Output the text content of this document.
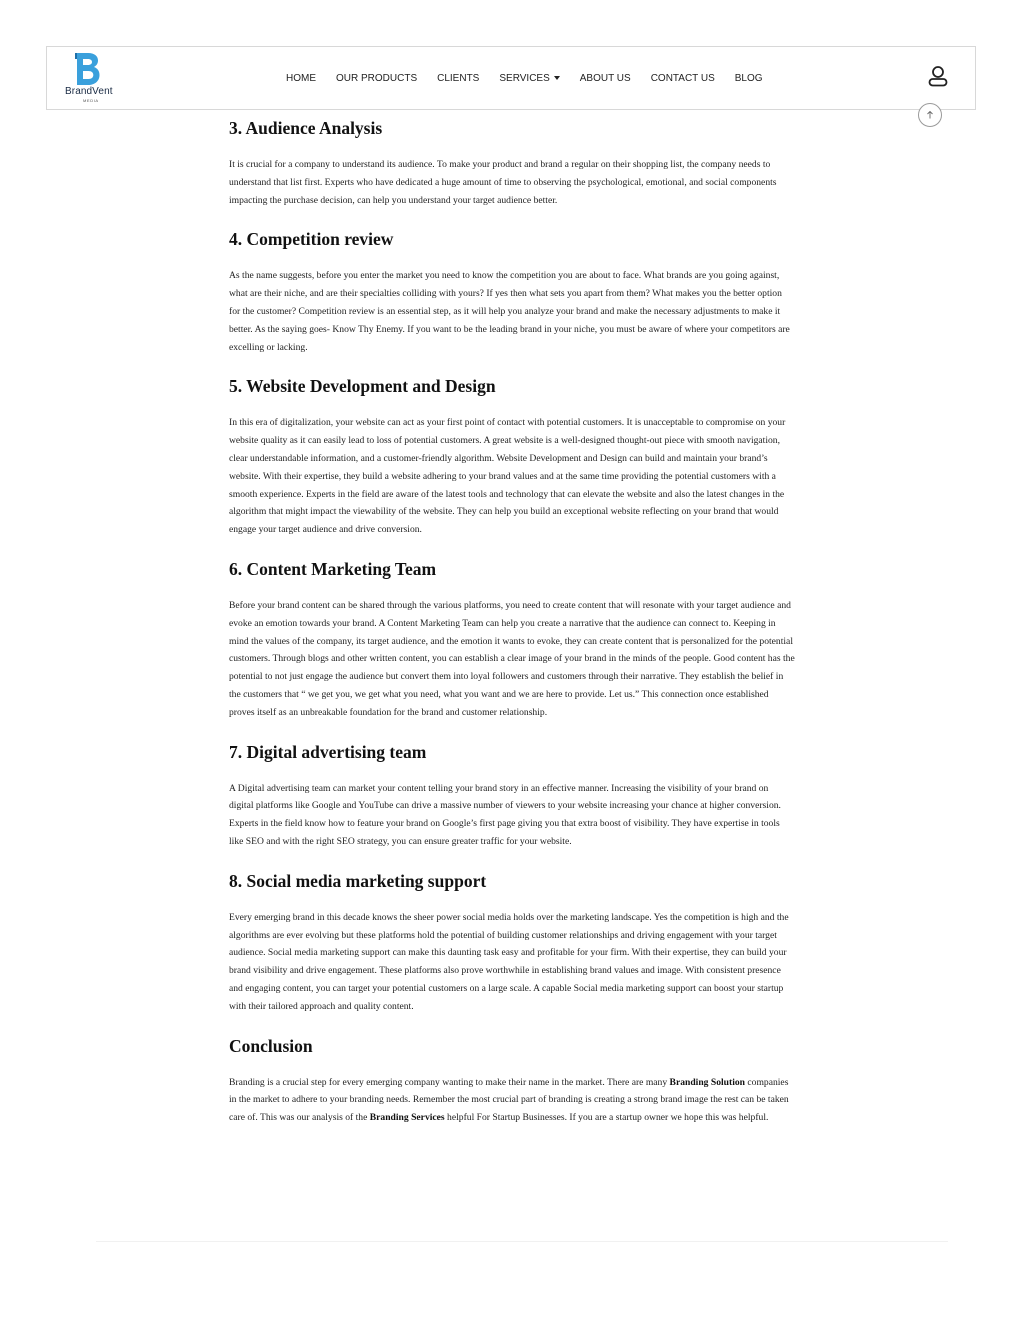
BrandVent
MEDIA
HOME OUR PRODUCTS CLIENTS SERVICES	ABOUT US CONTACT US BLOG
3. Audience Analysis

It is crucial for a company to understand its audience. To make your product and brand a regular on their shopping list, the company needs to understand that list first. Experts who have dedicated a huge amount of time to observing the psychological, emotional, and social components impacting the purchase decision, can help you understand your target audience better.

4. Competition review

As the name suggests, before you enter the market you need to know the competition you are about to face. What brands are you going against, what are their niche, and are their specialties colliding with yours? If yes then what sets you apart from them? What makes you the better option for the customer? Competition review is an essential step, as it will help you analyze your brand and make the necessary adjustments to make it better. As the saying goes- Know Thy Enemy. If you want to be the leading brand in your niche, you must be aware of where your competitors are excelling or lacking.

5. Website Development and Design

In this era of digitalization, your website can act as your first point of contact with potential customers. It is unacceptable to compromise on your website quality as it can easily lead to loss of potential customers. A great website is a well-designed thought-out piece with smooth navigation, clear understandable information, and a customer-friendly algorithm. Website Development and Design can build and maintain your brand’s website. With their expertise, they build a website adhering to your brand values and at the same time providing the potential customers with a smooth experience. Experts in the field are aware of the latest tools and technology that can elevate the website and also the latest changes in the algorithm that might impact the viewability of the website. They can help you build an exceptional website reflecting on your brand that would engage your target audience and drive conversion.

6. Content Marketing Team

Before your brand content can be shared through the various platforms, you need to create content that will resonate with your target audience and evoke an emotion towards your brand. A Content Marketing Team can help you create a narrative that the audience can connect to. Keeping in mind the values of the company, its target audience, and the emotion it wants to evoke, they can create content that is personalized for the potential customers. Through blogs and other written content, you can establish a clear image of your brand in the minds of the people. Good content has the potential to not just engage the audience but convert them into loyal followers and customers through their narrative. They establish the belief in the customers that “ we get you, we get what you need, what you want and we are here to provide. Let us.” This connection once established proves itself as an unbreakable foundation for the brand and customer relationship.

7. Digital advertising team

A Digital advertising team can market your content telling your brand story in an effective manner. Increasing the visibility of your brand on digital platforms like Google and YouTube can drive a massive number of viewers to your website increasing your chance at higher conversion. Experts in the field know how to feature your brand on Google’s first page giving you that extra boost of visibility. They have expertise in tools like SEO and with the right SEO strategy, you can ensure greater traffic for your website.

8. Social media marketing support

Every emerging brand in this decade knows the sheer power social media holds over the marketing landscape. Yes the competition is high and the algorithms are ever evolving but these platforms hold the potential of building customer relationships and driving engagement with your target audience. Social media marketing support can make this daunting task easy and profitable for your firm. With their expertise, they can build your brand visibility and drive engagement. These platforms also prove worthwhile in establishing brand values and image. With consistent presence and engaging content, you can target your potential customers on a large scale. A capable Social media marketing support can boost your startup with their tailored approach and quality content.

Conclusion

Branding is a crucial step for every emerging company wanting to make their name in the market. There are many Branding Solution companies in the market to adhere to your branding needs. Remember the most crucial part of branding is creating a strong brand image the rest can be taken care of. This was our analysis of the Branding Services helpful For Startup Businesses. If you are a startup owner we hope this was helpful.
